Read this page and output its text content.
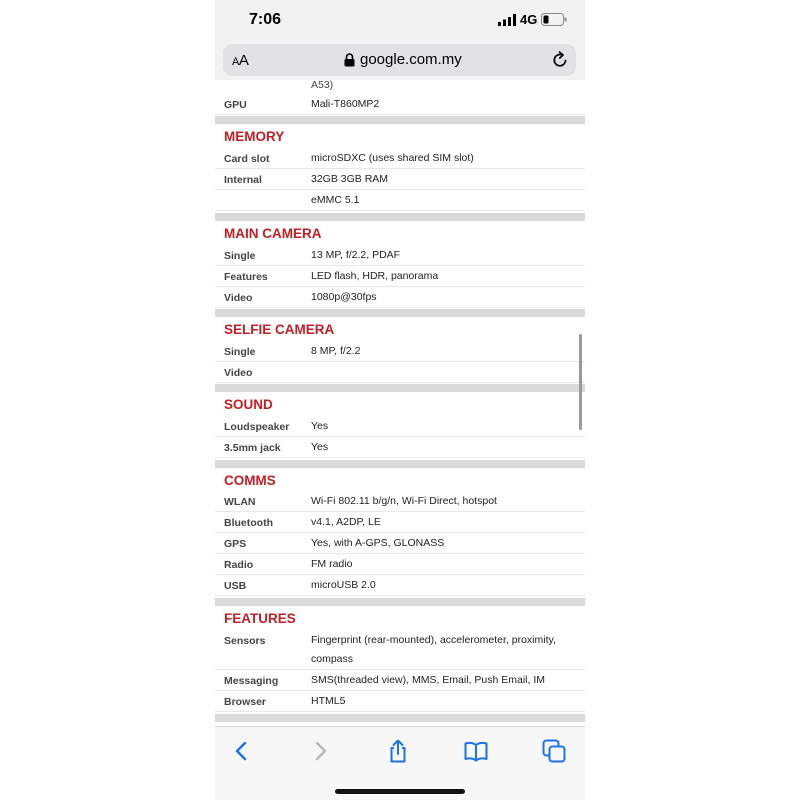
7:06	4G
AA	google.com.my
A53)
GPU	Mali-T860MP2
MEMORY
Card slot	microSDXC (uses shared SIM slot)
Internal	32GB 3GB RAM
eMMC 5.1
MAIN CAMERA
Single	13 MP, f/2.2, PDAF
Features	LED flash, HDR, panorama
Video	1080p@30fps
SELFIE CAMERA
Single	8 MP, f/2.2
Video
SOUND
Loudspeaker Yes
3.5mm jack	Yes
COMMS
WLAN	Wi-Fi 802.11 b/g/n, Wi-Fi Direct, hotspot
Bluetooth	v4.1, A2DP, LE
GPS	Yes, with A-GPS, GLONASS
Radio	FM radio
USB	microUSB 2.0
FEATURES
Sensors	Fingerprint (rear-mounted), accelerometer, proximity, compass
Messaging	SMS(threaded view), MMS, Email, Push Email, IM
Browser	HTML5
